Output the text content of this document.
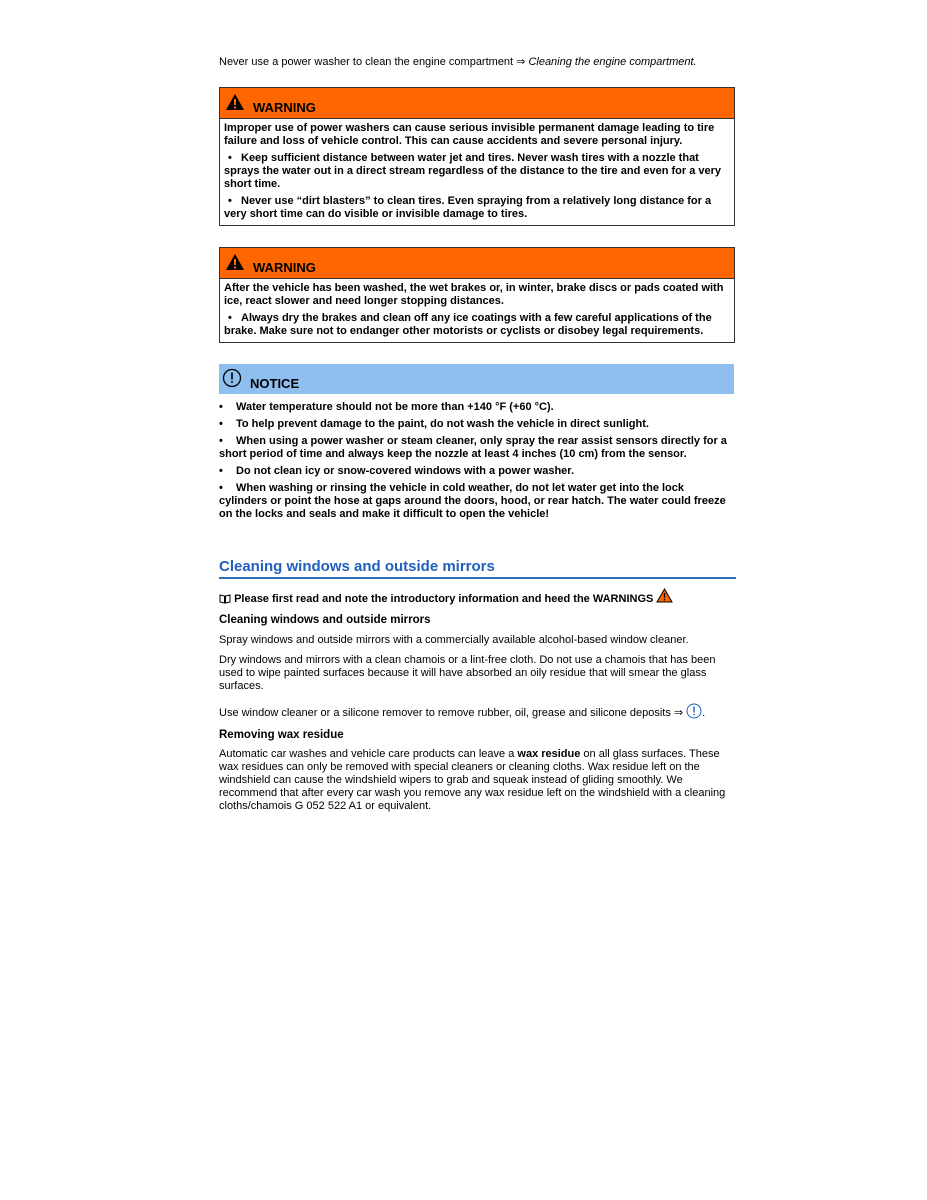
Never use a power washer to clean the engine compartment ⇒ Cleaning the engine compartment.
WARNING

Improper use of power washers can cause serious invisible permanent damage leading to tire failure and loss of vehicle control. This can cause accidents and severe personal injury.

• Keep sufficient distance between water jet and tires. Never wash tires with a nozzle that sprays the water out in a direct stream regardless of the distance to the tire and even for a very short time.

• Never use “dirt blasters” to clean tires. Even spraying from a relatively long distance for a very short time can do visible or invisible damage to tires.

WARNING

After the vehicle has been washed, the wet brakes or, in winter, brake discs or pads coated with ice, react slower and need longer stopping distances.

• Always dry the brakes and clean off any ice coatings with a few careful applications of the brake. Make sure not to endanger other motorists or cyclists or disobey legal requirements.

NOTICE

• Water temperature should not be more than +140 °F (+60 °C).

• To help prevent damage to the paint, do not wash the vehicle in direct sunlight.

• When using a power washer or steam cleaner, only spray the rear assist sensors directly for a short period of time and always keep the nozzle at least 4 inches (10 cm) from the sensor.

• Do not clean icy or snow-covered windows with a power washer.

• When washing or rinsing the vehicle in cold weather, do not let water get into the lock cylinders or point the hose at gaps around the doors, hood, or rear hatch. The water could freeze on the locks and seals and make it difficult to open the vehicle!

Cleaning windows and outside mirrors
Please first read and note the introductory information and heed the WARNINGS
Cleaning windows and outside mirrors
Spray windows and outside mirrors with a commercially available alcohol-based window cleaner.
Dry windows and mirrors with a clean chamois or a lint-free cloth. Do not use a chamois that has been used to wipe painted surfaces because it will have absorbed an oily residue that will smear the glass surfaces.
Use window cleaner or a silicone remover to remove rubber, oil, grease and silicone deposits ⇒ .
Removing wax residue
Automatic car washes and vehicle care products can leave a wax residue on all glass surfaces. These wax residues can only be removed with special cleaners or cleaning cloths. Wax residue left on the windshield can cause the windshield wipers to grab and squeak instead of gliding smoothly. We recommend that after every car wash you remove any wax residue left on the windshield with a cleaning cloths/chamois G 052 522 A1 or equivalent.
